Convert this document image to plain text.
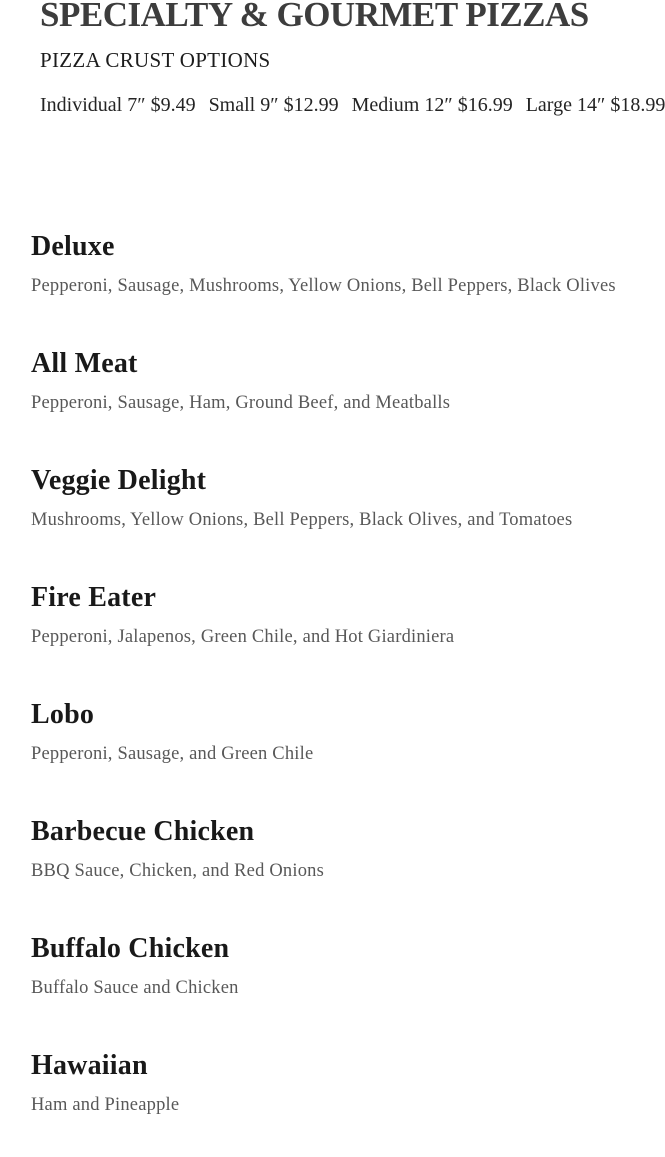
SPECIALTY & GOURMET PIZZAS
PIZZA CRUST OPTIONS
Individual 7″ $9.49 Small 9″ $12.99 Medium 12″ $16.99 Large 14″ $18.99
Deluxe

Pepperoni, Sausage, Mushrooms, Yellow Onions, Bell Peppers, Black Olives

All Meat

Pepperoni, Sausage, Ham, Ground Beef, and Meatballs

Veggie Delight

Mushrooms, Yellow Onions, Bell Peppers, Black Olives, and Tomatoes

Fire Eater

Pepperoni, Jalapenos, Green Chile, and Hot Giardiniera

Lobo

Pepperoni, Sausage, and Green Chile

Barbecue Chicken

BBQ Sauce, Chicken, and Red Onions

Buffalo Chicken

Buffalo Sauce and Chicken

Hawaiian

Ham and Pineapple
